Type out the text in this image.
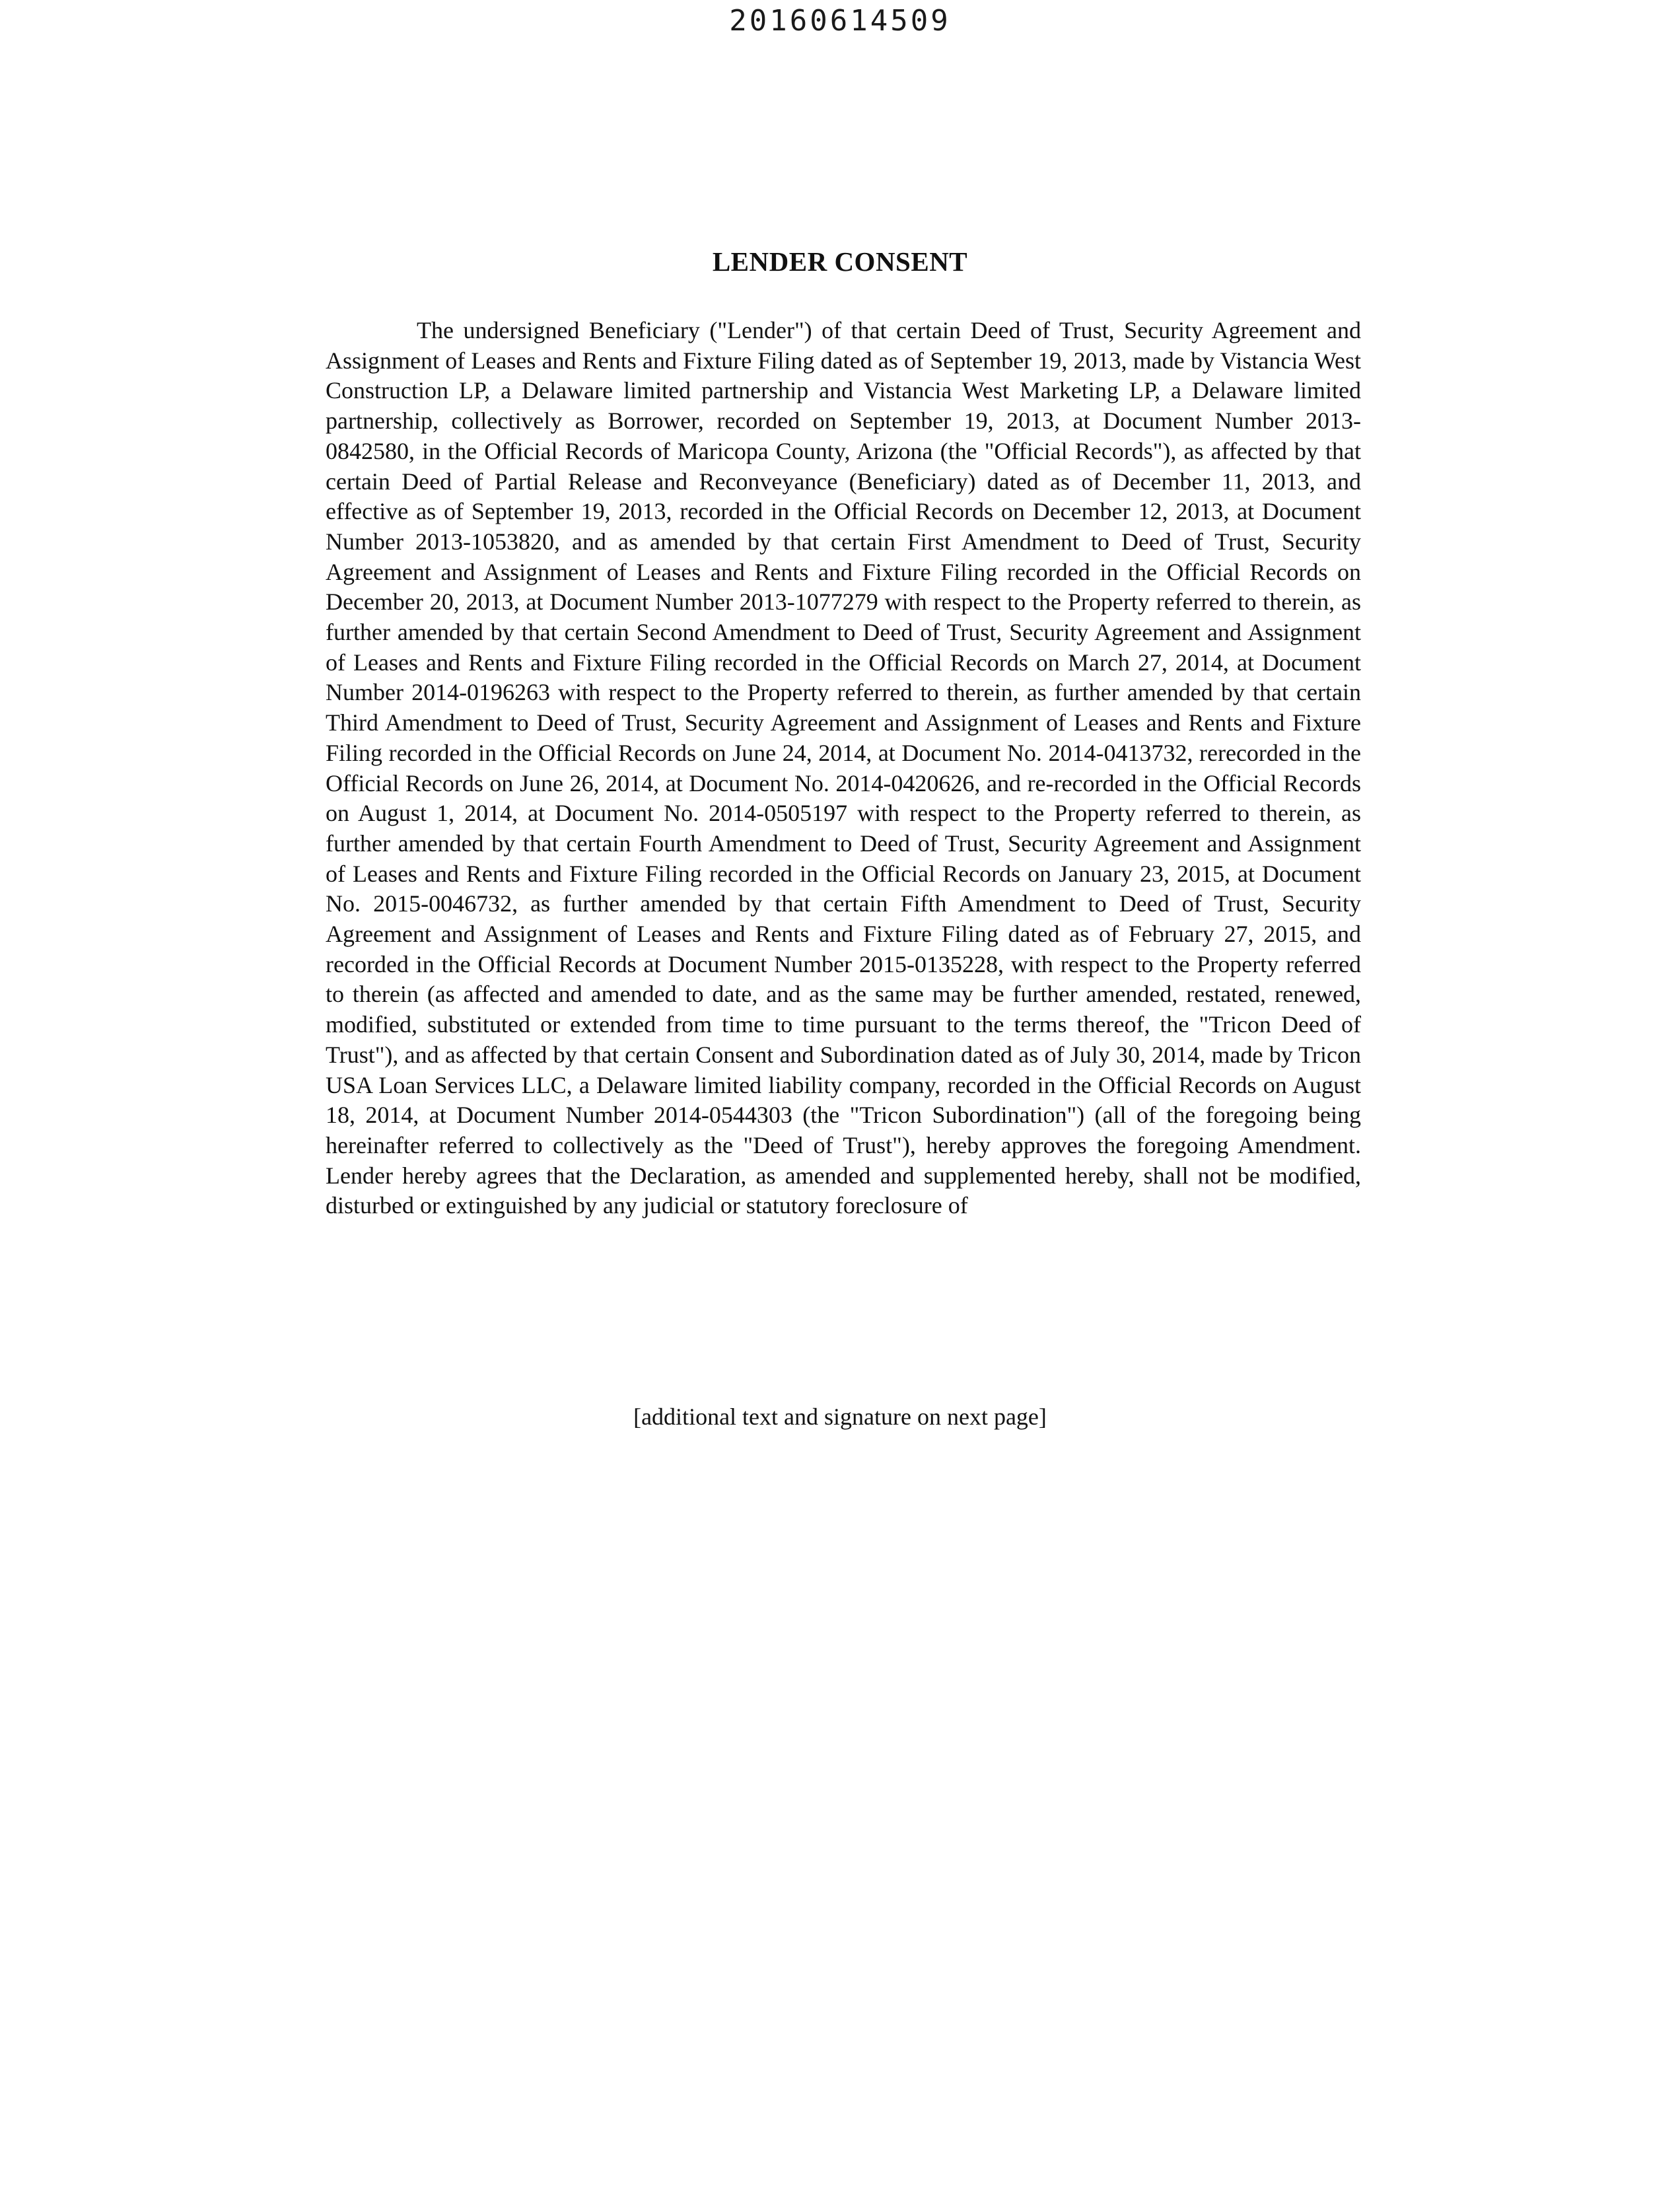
20160614509
LENDER CONSENT

The undersigned Beneficiary ("Lender") of that certain Deed of Trust, Security Agreement and Assignment of Leases and Rents and Fixture Filing dated as of September 19, 2013, made by Vistancia West Construction LP, a Delaware limited partnership and Vistancia West Marketing LP, a Delaware limited partnership, collectively as Borrower, recorded on September 19, 2013, at Document Number 2013-0842580, in the Official Records of Maricopa County, Arizona (the "Official Records"), as affected by that certain Deed of Partial Release and Reconveyance (Beneficiary) dated as of December 11, 2013, and effective as of September 19, 2013, recorded in the Official Records on December 12, 2013, at Document Number 2013-1053820, and as amended by that certain First Amendment to Deed of Trust, Security Agreement and Assignment of Leases and Rents and Fixture Filing recorded in the Official Records on December 20, 2013, at Document Number 2013-1077279 with respect to the Property referred to therein, as further amended by that certain Second Amendment to Deed of Trust, Security Agreement and Assignment of Leases and Rents and Fixture Filing recorded in the Official Records on March 27, 2014, at Document Number 2014-0196263 with respect to the Property referred to therein, as further amended by that certain Third Amendment to Deed of Trust, Security Agreement and Assignment of Leases and Rents and Fixture Filing recorded in the Official Records on June 24, 2014, at Document No. 2014-0413732, rerecorded in the Official Records on June 26, 2014, at Document No. 2014-0420626, and re-recorded in the Official Records on August 1, 2014, at Document No. 2014-0505197 with respect to the Property referred to therein, as further amended by that certain Fourth Amendment to Deed of Trust, Security Agreement and Assignment of Leases and Rents and Fixture Filing recorded in the Official Records on January 23, 2015, at Document No. 2015-0046732, as further amended by that certain Fifth Amendment to Deed of Trust, Security Agreement and Assignment of Leases and Rents and Fixture Filing dated as of February 27, 2015, and recorded in the Official Records at Document Number 2015-0135228, with respect to the Property referred to therein (as affected and amended to date, and as the same may be further amended, restated, renewed, modified, substituted or extended from time to time pursuant to the terms thereof, the "Tricon Deed of Trust"), and as affected by that certain Consent and Subordination dated as of July 30, 2014, made by Tricon USA Loan Services LLC, a Delaware limited liability company, recorded in the Official Records on August 18, 2014, at Document Number 2014-0544303 (the "Tricon Subordination") (all of the foregoing being hereinafter referred to collectively as the "Deed of Trust"), hereby approves the foregoing Amendment. Lender hereby agrees that the Declaration, as amended and supplemented hereby, shall not be modified, disturbed or extinguished by any judicial or statutory foreclosure of

[additional text and signature on next page]
